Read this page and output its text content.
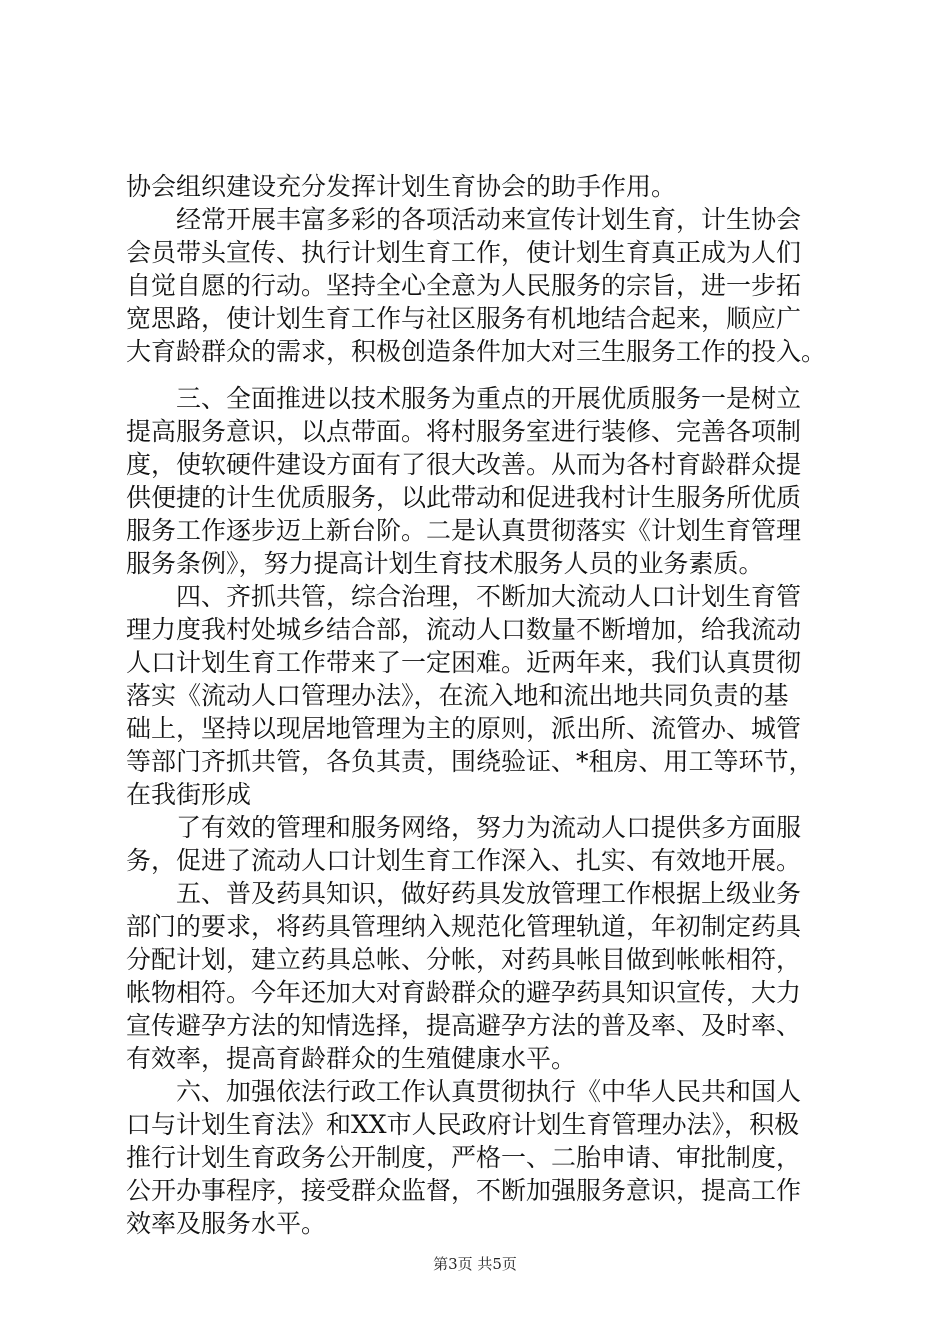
协会组织建设充分发挥计划生育协会的助手作用。
经常开展丰富多彩的各项活动来宣传计划生育，计生协会
会员带头宣传、执行计划生育工作，使计划生育真正成为人们
自觉自愿的行动。坚持全心全意为人民服务的宗旨，进一步拓
宽思路，使计划生育工作与社区服务有机地结合起来，顺应广
大育龄群众的需求，积极创造条件加大对三生服务工作的投入。
三、全面推进以技术服务为重点的开展优质服务一是树立
提高服务意识，以点带面。将村服务室进行装修、完善各项制
度，使软硬件建设方面有了很大改善。从而为各村育龄群众提
供便捷的计生优质服务，以此带动和促进我村计生服务所优质
服务工作逐步迈上新台阶。二是认真贯彻落实《计划生育管理
服务条例》，努力提高计划生育技术服务人员的业务素质。
四、齐抓共管，综合治理，不断加大流动人口计划生育管
理力度我村处城乡结合部，流动人口数量不断增加，给我流动
人口计划生育工作带来了一定困难。近两年来，我们认真贯彻
落实《流动人口管理办法》，在流入地和流出地共同负责的基
础上，坚持以现居地管理为主的原则，派出所、流管办、城管
等部门齐抓共管，各负其责，围绕验证、*租房、用工等环节，
在我街形成
了有效的管理和服务网络，努力为流动人口提供多方面服
务，促进了流动人口计划生育工作深入、扎实、有效地开展。
五、普及药具知识，做好药具发放管理工作根据上级业务
部门的要求，将药具管理纳入规范化管理轨道，年初制定药具
分配计划，建立药具总帐、分帐，对药具帐目做到帐帐相符，
帐物相符。今年还加大对育龄群众的避孕药具知识宣传，大力
宣传避孕方法的知情选择，提高避孕方法的普及率、及时率、
有效率，提高育龄群众的生殖健康水平。
六、加强依法行政工作认真贯彻执行《中华人民共和国人
口与计划生育法》和XX市人民政府计划生育管理办法》，积极
推行计划生育政务公开制度，严格一、二胎申请、审批制度，
公开办事程序，接受群众监督，不断加强服务意识，提高工作
效率及服务水平。
第3页 共5页
